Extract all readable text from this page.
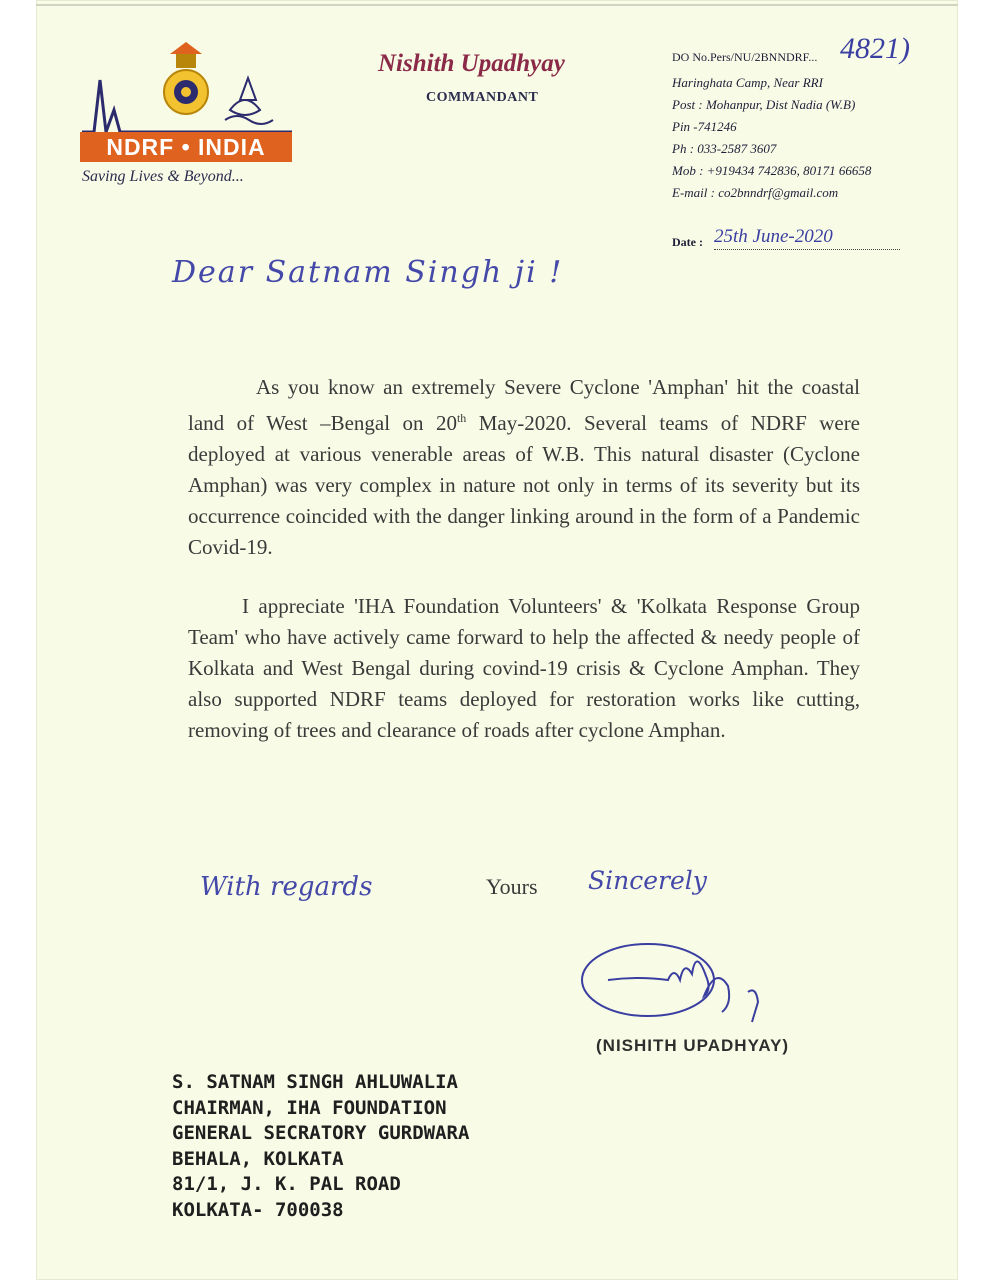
NDRF • INDIA
Saving Lives & Beyond...
Nishith Upadhyay
COMMANDANT
DO No.Pers/NU/2BNNDRF... 4821)
Haringhata Camp, Near RRI
Post : Mohanpur, Dist Nadia (W.B)
Pin -741246
Ph : 033-2587 3607
Mob : +919434 742836, 80171 66658
E-mail : co2bnndrf@gmail.com
Date : 25th June-2020
Dear Satnam Singh ji !

As you know an extremely Severe Cyclone 'Amphan' hit the coastal land of West –Bengal on 20th May-2020. Several teams of NDRF were deployed at various venerable areas of W.B. This natural disaster (Cyclone Amphan) was very complex in nature not only in terms of its severity but its occurrence coincided with the danger linking around in the form of a Pandemic Covid-19.

I appreciate 'IHA Foundation Volunteers' & 'Kolkata Response Group Team' who have actively came forward to help the affected & needy people of Kolkata and West Bengal during covind-19 crisis & Cyclone Amphan. They also supported NDRF teams deployed for restoration works like cutting, removing of trees and clearance of roads after cyclone Amphan.

With regards	Yours Sincerely
(NISHITH UPADHYAY)
S. SATNAM SINGH AHLUWALIA
CHAIRMAN, IHA FOUNDATION
GENERAL SECRATORY GURDWARA
BEHALA, KOLKATA
81/1, J. K. PAL ROAD
KOLKATA- 700038
